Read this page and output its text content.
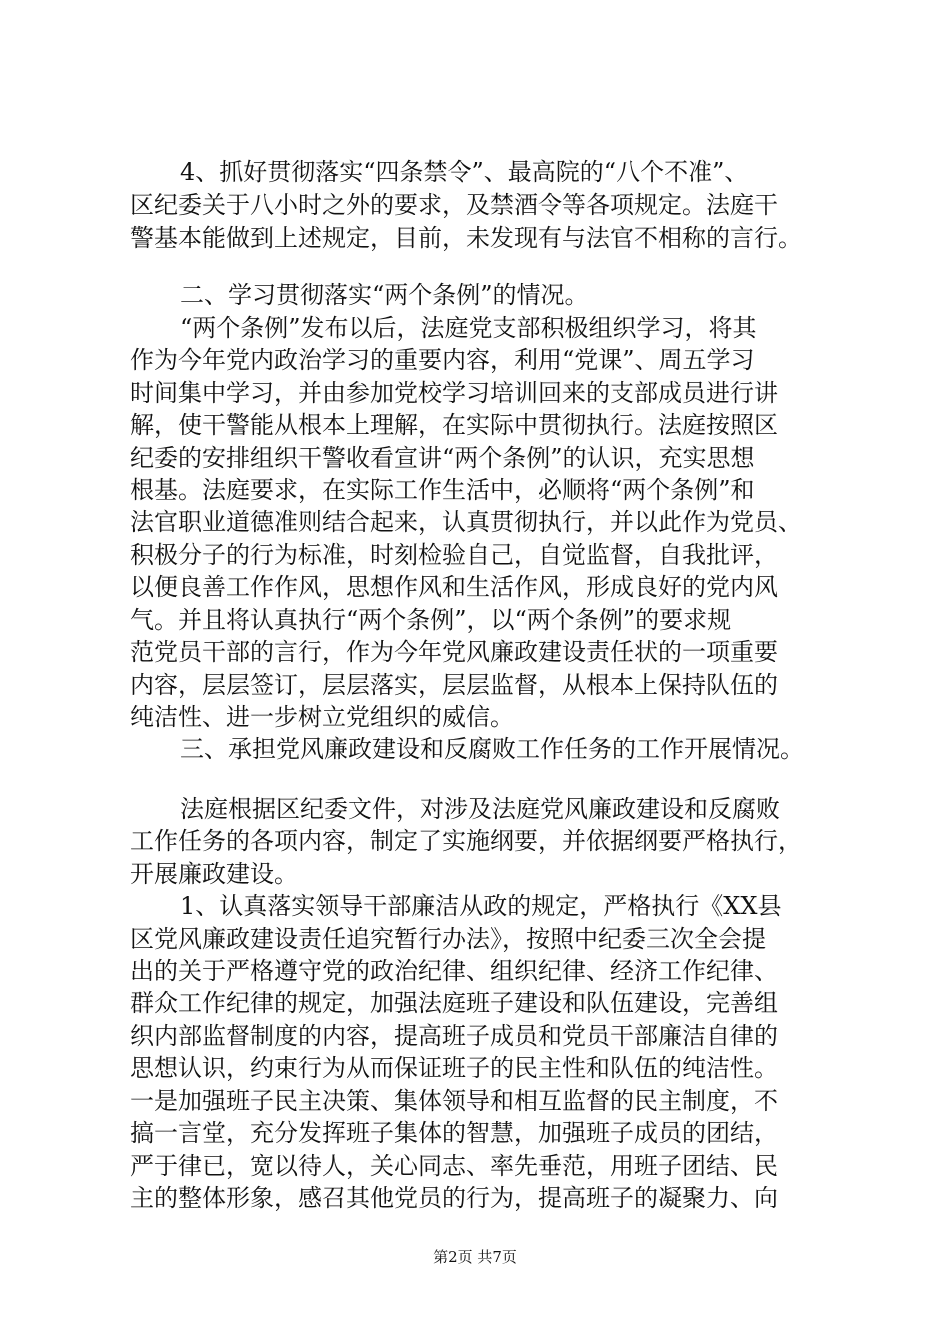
4、抓好贯彻落实“四条禁令”、最高院的“八个不准”、
区纪委关于八小时之外的要求，及禁酒令等各项规定。法庭干
警基本能做到上述规定，目前，未发现有与法官不相称的言行。
二、学习贯彻落实“两个条例”的情况。
“两个条例”发布以后，法庭党支部积极组织学习，将其
作为今年党内政治学习的重要内容，利用“党课”、周五学习
时间集中学习，并由参加党校学习培训回来的支部成员进行讲
解，使干警能从根本上理解，在实际中贯彻执行。法庭按照区
纪委的安排组织干警收看宣讲“两个条例”的认识，充实思想
根基。法庭要求，在实际工作生活中，必顺将“两个条例”和
法官职业道德准则结合起来，认真贯彻执行，并以此作为党员、
积极分子的行为标准，时刻检验自己，自觉监督，自我批评，
以便良善工作作风，思想作风和生活作风，形成良好的党内风
气。并且将认真执行“两个条例”，以“两个条例”的要求规
范党员干部的言行，作为今年党风廉政建设责任状的一项重要
内容，层层签订，层层落实，层层监督，从根本上保持队伍的
纯洁性、进一步树立党组织的威信。
三、承担党风廉政建设和反腐败工作任务的工作开展情况。
法庭根据区纪委文件，对涉及法庭党风廉政建设和反腐败
工作任务的各项内容，制定了实施纲要，并依据纲要严格执行，
开展廉政建设。
1、认真落实领导干部廉洁从政的规定，严格执行《XX县
区党风廉政建设责任追究暂行办法》，按照中纪委三次全会提
出的关于严格遵守党的政治纪律、组织纪律、经济工作纪律、
群众工作纪律的规定，加强法庭班子建设和队伍建设，完善组
织内部监督制度的内容，提高班子成员和党员干部廉洁自律的
思想认识，约束行为从而保证班子的民主性和队伍的纯洁性。
一是加强班子民主决策、集体领导和相互监督的民主制度，不
搞一言堂，充分发挥班子集体的智慧，加强班子成员的团结，
严于律已，宽以待人，关心同志、率先垂范，用班子团结、民
主的整体形象，感召其他党员的行为，提高班子的凝聚力、向
第2页 共7页
